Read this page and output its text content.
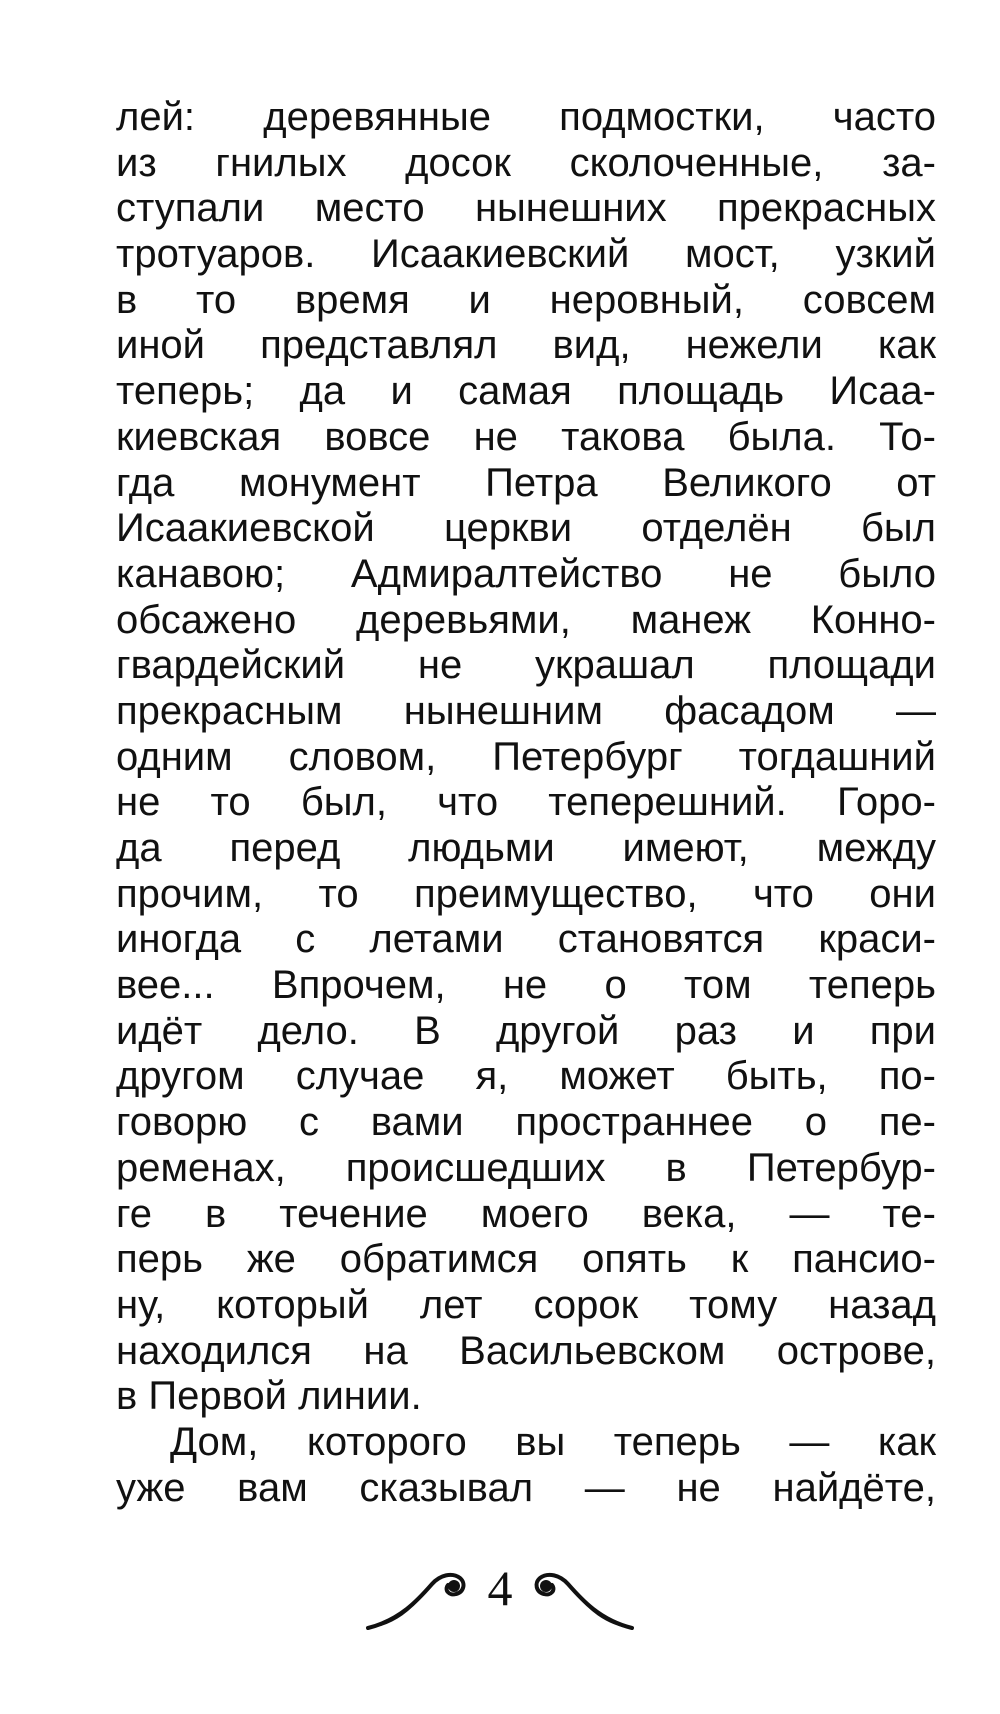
лей: деревянные подмостки, часто
из гнилых досок сколоченные, за-
ступали место нынешних прекрасных
тротуаров. Исаакиевский мост, узкий
в то время и неровный, совсем
иной представлял вид, нежели как
теперь; да и самая площадь Исаа-
киевская вовсе не такова была. То-
гда монумент Петра Великого от
Исаакиевской церкви отделён был
канавою; Адмиралтейство не было
обсажено деревьями, манеж Конно-
гвардейский не украшал площади
прекрасным нынешним фасадом —
одним словом, Петербург тогдашний
не то был, что теперешний. Горо-
да перед людьми имеют, между
прочим, то преимущество, что они
иногда с летами становятся краси-
вее... Впрочем, не о том теперь
идёт дело. В другой раз и при
другом случае я, может быть, по-
говорю с вами пространнее о пе-
ременах, происшедших в Петербур-
ге в течение моего века, — те-
перь же обратимся опять к пансио-
ну, который лет сорок тому назад
находился на Васильевском острове,
в Первой линии.
Дом, которого вы теперь — как
уже вам сказывал — не найдёте,
4
